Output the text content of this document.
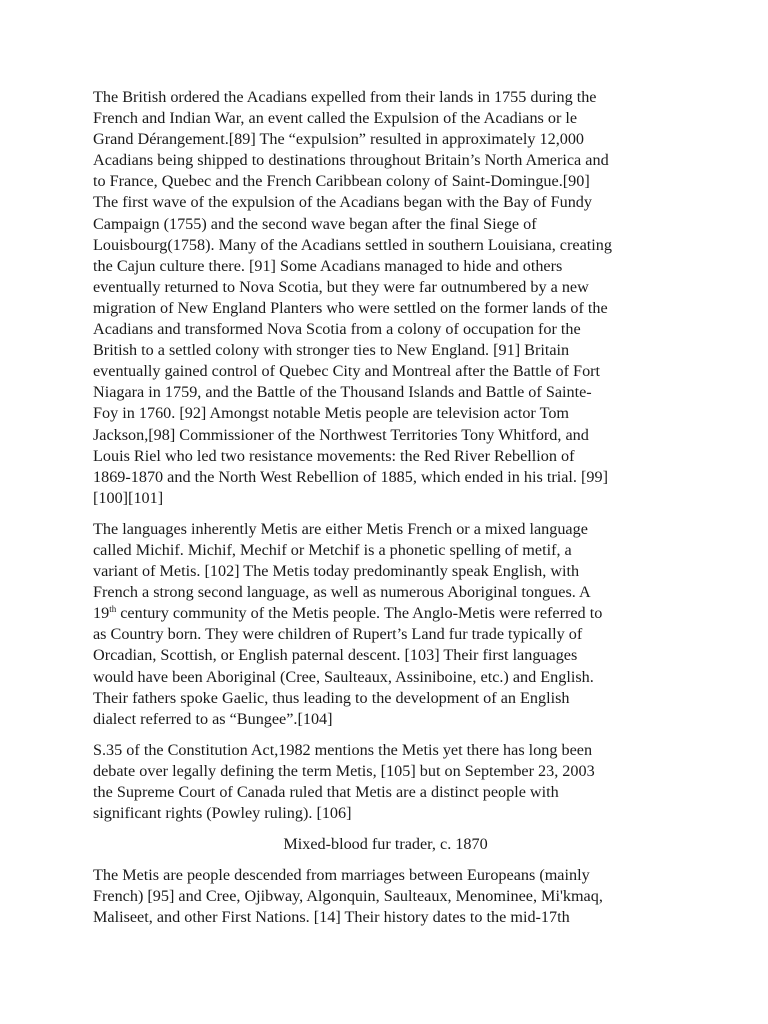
The British ordered the Acadians expelled from their lands in 1755 during the
French and Indian War, an event called the Expulsion of the Acadians or le
Grand Dérangement.[89] The “expulsion” resulted in approximately 12,000
Acadians being shipped to destinations throughout Britain’s North America and
to France, Quebec and the French Caribbean colony of Saint-Domingue.[90]
The first wave of the expulsion of the Acadians began with the Bay of Fundy
Campaign (1755) and the second wave began after the final Siege of
Louisbourg(1758). Many of the Acadians settled in southern Louisiana, creating
the Cajun culture there. [91] Some Acadians managed to hide and others
eventually returned to Nova Scotia, but they were far outnumbered by a new
migration of New England Planters who were settled on the former lands of the
Acadians and transformed Nova Scotia from a colony of occupation for the
British to a settled colony with stronger ties to New England. [91] Britain
eventually gained control of Quebec City and Montreal after the Battle of Fort
Niagara in 1759, and the Battle of the Thousand Islands and Battle of Sainte-
Foy in 1760. [92] Amongst notable Metis people are television actor Tom
Jackson,[98] Commissioner of the Northwest Territories Tony Whitford, and
Louis Riel who led two resistance movements: the Red River Rebellion of
1869-1870 and the North West Rebellion of 1885, which ended in his trial. [99]
[100][101]
The languages inherently Metis are either Metis French or a mixed language
called Michif. Michif, Mechif or Metchif is a phonetic spelling of metif, a
variant of Metis. [102] The Metis today predominantly speak English, with
French a strong second language, as well as numerous Aboriginal tongues. A
19th century community of the Metis people. The Anglo-Metis were referred to
as Country born. They were children of Rupert’s Land fur trade typically of
Orcadian, Scottish, or English paternal descent. [103] Their first languages
would have been Aboriginal (Cree, Saulteaux, Assiniboine, etc.) and English.
Their fathers spoke Gaelic, thus leading to the development of an English
dialect referred to as “Bungee”.[104]
S.35 of the Constitution Act,1982 mentions the Metis yet there has long been
debate over legally defining the term Metis, [105] but on September 23, 2003
the Supreme Court of Canada ruled that Metis are a distinct people with
significant rights (Powley ruling). [106]
Mixed-blood fur trader, c. 1870
The Metis are people descended from marriages between Europeans (mainly
French) [95] and Cree, Ojibway, Algonquin, Saulteaux, Menominee, Mi'kmaq,
Maliseet, and other First Nations. [14] Their history dates to the mid-17th
